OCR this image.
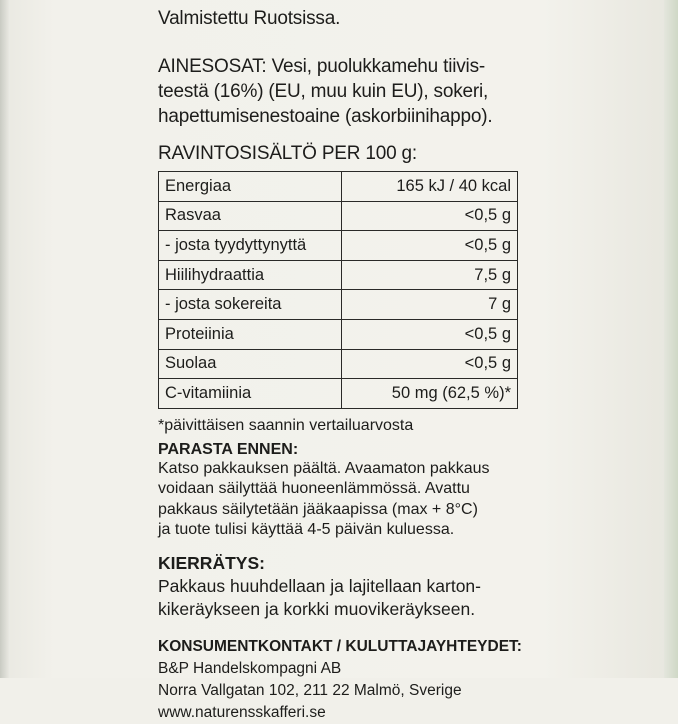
Valmistettu Ruotsissa.

AINESOSAT: Vesi, puolukkamehu tiivis-
teestä (16%) (EU, muu kuin EU), sokeri,
hapettumisenestoaine (askorbiinihappo).

RAVINTOSISÄLTÖ PER 100 g:

Energiaa	165 kJ / 40 kcal
Rasvaa	<0,5 g
- josta tyydyttynyttä	<0,5 g
Hiilihydraattia	7,5 g
- josta sokereita	7 g
Proteiinia	<0,5 g
Suolaa	<0,5 g
C-vitamiinia	50 mg (62,5 %)*

*päivittäisen saannin vertailuarvosta

PARASTA ENNEN:

Katso pakkauksen päältä. Avaamaton pakkaus
voidaan säilyttää huoneenlämmössä. Avattu
pakkaus säilytetään jääkaapissa (max + 8°C)
ja tuote tulisi käyttää 4-5 päivän kuluessa.

KIERRÄTYS:

Pakkaus huuhdellaan ja lajitellaan karton-
kikeräykseen ja korkki muovikeräykseen.

KONSUMENTKONTAKT / KULUTTAJAYHTEYDET:

B&P Handelskompagni AB
Norra Vallgatan 102, 211 22 Malmö, Sverige
www.naturensskafferi.se
